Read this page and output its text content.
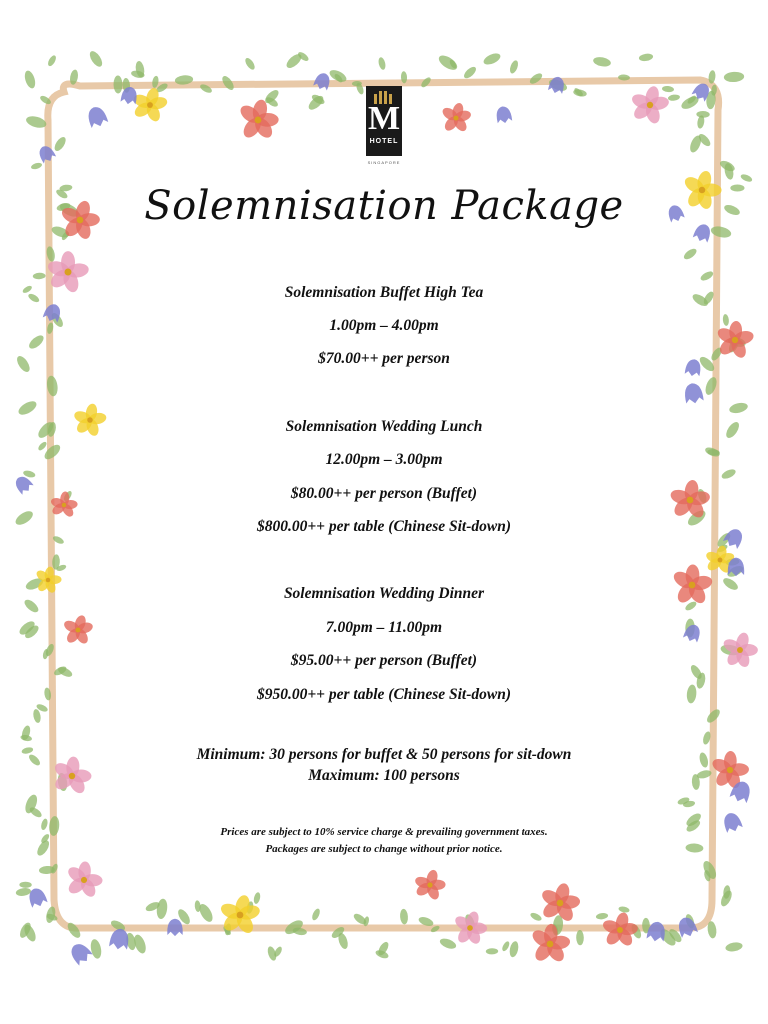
M
HOTEL
SINGAPORE
Solemnisation Package
Solemnisation Buffet High Tea
1.00pm – 4.00pm
$70.00++ per person
Solemnisation Wedding Lunch
12.00pm – 3.00pm
$80.00++ per person (Buffet)
$800.00++ per table (Chinese Sit-down)
Solemnisation Wedding Dinner
7.00pm – 11.00pm
$95.00++ per person (Buffet)
$950.00++ per table (Chinese Sit-down)
Minimum: 30 persons for buffet & 50 persons for sit-down
Maximum: 100 persons
Prices are subject to 10% service charge & prevailing government taxes.
Packages are subject to change without prior notice.
